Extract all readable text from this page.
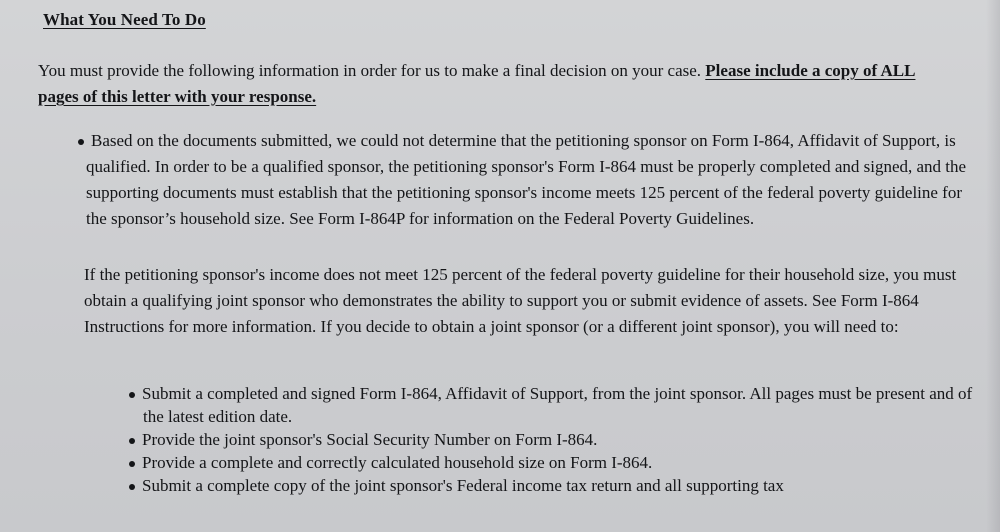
What You Need To Do
You must provide the following information in order for us to make a final decision on your case. Please include a copy of ALL pages of this letter with your response.
Based on the documents submitted, we could not determine that the petitioning sponsor on Form I-864, Affidavit of Support, is qualified. In order to be a qualified sponsor, the petitioning sponsor's Form I-864 must be properly completed and signed, and the supporting documents must establish that the petitioning sponsor's income meets 125 percent of the federal poverty guideline for the sponsor’s household size. See Form I-864P for information on the Federal Poverty Guidelines.
If the petitioning sponsor's income does not meet 125 percent of the federal poverty guideline for their household size, you must obtain a qualifying joint sponsor who demonstrates the ability to support you or submit evidence of assets. See Form I-864 Instructions for more information. If you decide to obtain a joint sponsor (or a different joint sponsor), you will need to:
Submit a completed and signed Form I-864, Affidavit of Support, from the joint sponsor. All pages must be present and of the latest edition date.
Provide the joint sponsor's Social Security Number on Form I-864.
Provide a complete and correctly calculated household size on Form I-864.
Submit a complete copy of the joint sponsor's Federal income tax return and all supporting tax
